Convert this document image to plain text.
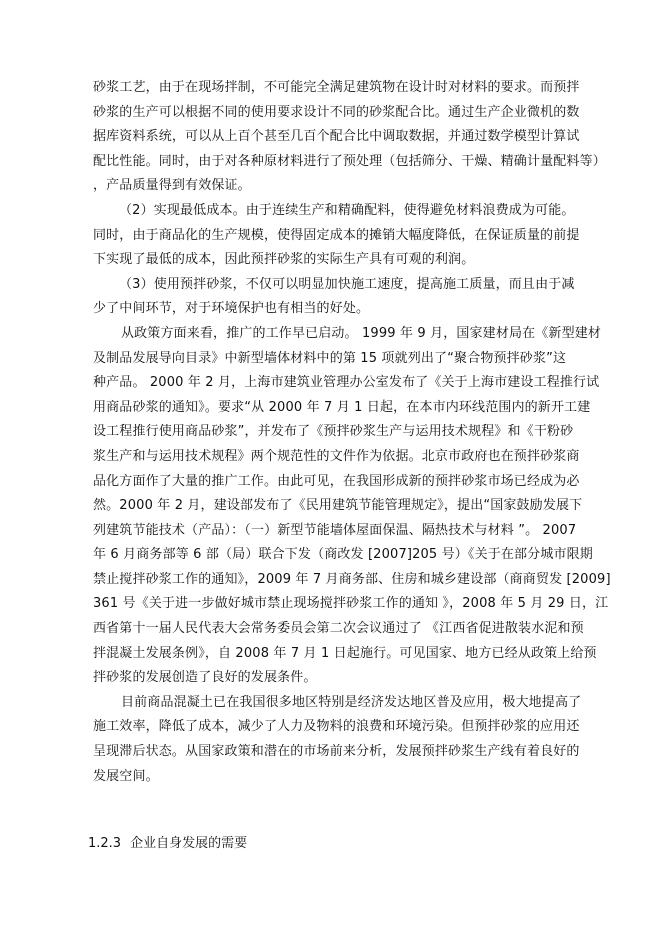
砂浆工艺，由于在现场拌制，不可能完全满足建筑物在设计时对材料的要求。而预拌
砂浆的生产可以根据不同的使用要求设计不同的砂浆配合比。通过生产企业微机的数
据库资料系统，可以从上百个甚至几百个配合比中调取数据，并通过数学模型计算试
配比性能。同时，由于对各种原材料进行了预处理（包括筛分、干燥、精确计量配料等）
，产品质量得到有效保证。
（2）实现最低成本。由于连续生产和精确配料，使得避免材料浪费成为可能。
同时，由于商品化的生产规模，使得固定成本的摊销大幅度降低，在保证质量的前提
下实现了最低的成本，因此预拌砂浆的实际生产具有可观的利润。
（3）使用预拌砂浆，不仅可以明显加快施工速度，提高施工质量，而且由于减
少了中间环节，对于环境保护也有相当的好处。
从政策方面来看，推广的工作早已启动。 1999 年 9 月，国家建材局在《新型建材
及制品发展导向目录》中新型墙体材料中的第 15 项就列出了“聚合物预拌砂浆”这
种产品。 2000 年 2 月，上海市建筑业管理办公室发布了《关于上海市建设工程推行试
用商品砂浆的通知》。要求“从 2000 年 7 月 1 日起，在本市内环线范围内的新开工建
设工程推行使用商品砂浆”，并发布了《预拌砂浆生产与运用技术规程》和《干粉砂
浆生产和与运用技术规程》两个规范性的文件作为依据。北京市政府也在预拌砂浆商
品化方面作了大量的推广工作。由此可见，在我国形成新的预拌砂浆市场已经成为必
然。2000 年 2 月，建设部发布了《民用建筑节能管理规定》，提出“国家鼓励发展下
列建筑节能技术（产品）：（一）新型节能墙体屋面保温、隔热技术与材料 ”。 2007
年 6 月商务部等 6 部（局）联合下发（商改发 [2007]205 号）《关于在部分城市限期
禁止搅拌砂浆工作的通知》，2009 年 7 月商务部、住房和城乡建设部（商商贸发 [2009]
361 号《关于进一步做好城市禁止现场搅拌砂浆工作的通知 》，2008 年 5 月 29 日，江
西省第十一届人民代表大会常务委员会第二次会议通过了 《江西省促进散装水泥和预
拌混凝土发展条例》，自 2008 年 7 月 1 日起施行。可见国家、地方已经从政策上给预
拌砂浆的发展创造了良好的发展条件。
目前商品混凝土已在我国很多地区特别是经济发达地区普及应用，极大地提高了
施工效率，降低了成本，减少了人力及物料的浪费和环境污染。但预拌砂浆的应用还
呈现滞后状态。从国家政策和潜在的市场前来分析，发展预拌砂浆生产线有着良好的
发展空间。
1.2.3 企业自身发展的需要
